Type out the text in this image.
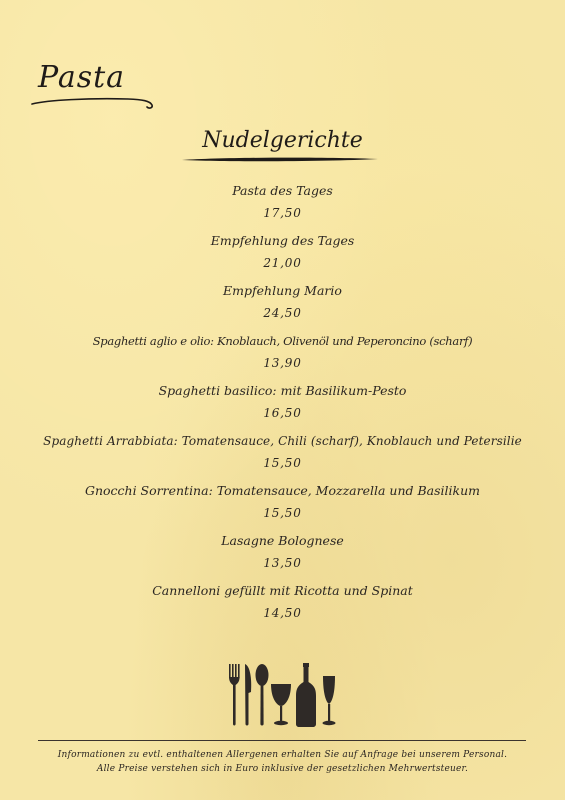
Pasta
Nudelgerichte
Pasta des Tages
17,50
Empfehlung des Tages
21,00
Empfehlung Mario
24,50
Spaghetti aglio e olio: Knoblauch, Olivenöl und Peperoncino (scharf)
13,90
Spaghetti basilico: mit Basilikum-Pesto
16,50
Spaghetti Arrabbiata: Tomatensauce, Chili (scharf), Knoblauch und Petersilie
15,50
Gnocchi Sorrentina: Tomatensauce, Mozzarella und Basilikum
15,50
Lasagne Bolognese
13,50
Cannelloni gefüllt mit Ricotta und Spinat
14,50
Informationen zu evtl. enthaltenen Allergenen erhalten Sie auf Anfrage bei unserem Personal.
Alle Preise verstehen sich in Euro inklusive der gesetzlichen Mehrwertsteuer.
